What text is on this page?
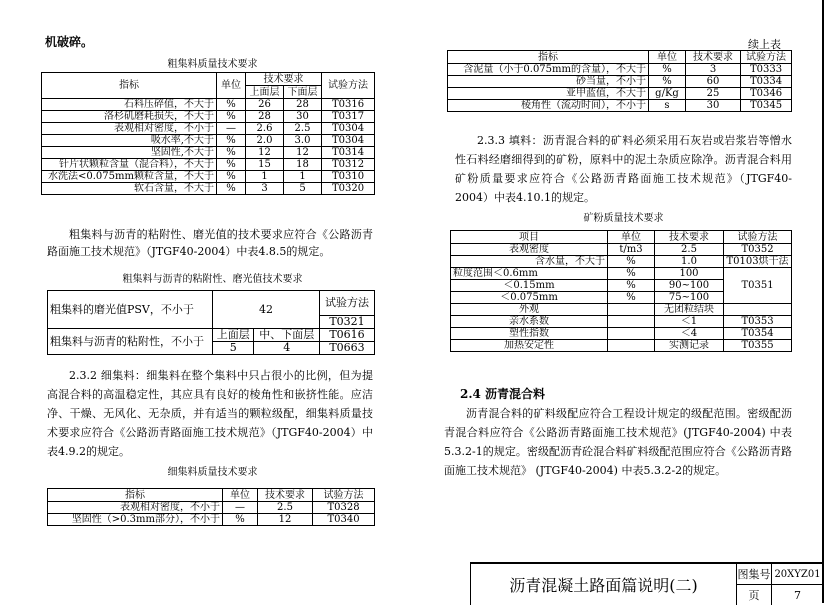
机破碎。
粗集料质量技术要求
指标	单位	技术要求		试验方法
		上面层	下面层	
石料压碎值，不大于	%	26	28	T0316
洛杉矶磨耗损失，不大于	%	28	30	T0317
表观相对密度，不小于	—	2.6	2.5	T0304
吸水率,不大于	%	2.0	3.0	T0304
坚固性,不大于	%	12	12	T0314
针片状颗粒含量（混合料），不大于	%	15	18	T0312
水洗法<0.075mm颗粒含量，不大于	%	1	1	T0310
软石含量，不大于	%	3	5	T0320
粗集料与沥青的粘附性、磨光值的技术要求应符合《公路沥青路面施工技术规范》（JTGF40-2004）中表4.8.5的规定。
粗集料与沥青的粘附性、磨光值技术要求
粗集料的磨光值PSV，不小于	42		试验方法
			T0321
粗集料与沥青的粘附性，不小于	上面层	中、下面层	T0616
	5	4	T0663
2.3.2 细集料：细集料在整个集料中只占很小的比例，但为提高混合料的高温稳定性，其应具有良好的棱角性和嵌挤性能。应洁净、干燥、无风化、无杂质，并有适当的颗粒级配，细集料质量技术要求应符合《公路沥青路面施工技术规范》（JTGF40-2004）中表4.9.2的规定。
细集料质量技术要求
指标	单位	技术要求	试验方法
表观相对密度，不小于	—	2.5	T0328
坚固性（>0.3mm部分），不小于	%	12	T0340
续上表
指标	单位	技术要求	试验方法
含泥量（小于0.075mm的含量），不大于	%	3	T0333
砂当量，不小于	%	60	T0334
亚甲蓝值，不大于	g/Kg	25	T0346
棱角性（流动时间），不小于	s	30	T0345
2.3.3 填料：沥青混合料的矿料必须采用石灰岩或岩浆岩等憎水性石料经磨细得到的矿粉，原料中的泥土杂质应除净。沥青混合料用矿粉质量要求应符合《公路沥青路面施工技术规范》（JTGF40-2004）中表4.10.1的规定。
矿粉质量技术要求
项目	单位	技术要求	试验方法
表观密度	t/m3	2.5	T0352
含水量，不大于	%	1.0	T0103烘干法
粒度范围＜0.6mm	%	100	T0351
＜0.15mm	%	90~100	
＜0.075mm	%	75~100	
外观		无团粒结块	
亲水系数		＜1	T0353
塑性指数		＜4	T0354
加热安定性		实测记录	T0355
2.4 沥青混合料
沥青混合料的矿料级配应符合工程设计规定的级配范围。密级配沥青混合料应符合《公路沥青路面施工技术规范》(JTGF40-2004) 中表5.3.2-1的规定。密级配沥青砼混合料矿料级配范围应符合《公路沥青路面施工技术规范》 (JTGF40-2004) 中表5.3.2-2的规定。
沥青混凝土路面篇说明(二)
图集号 20XYZ01
页	7
